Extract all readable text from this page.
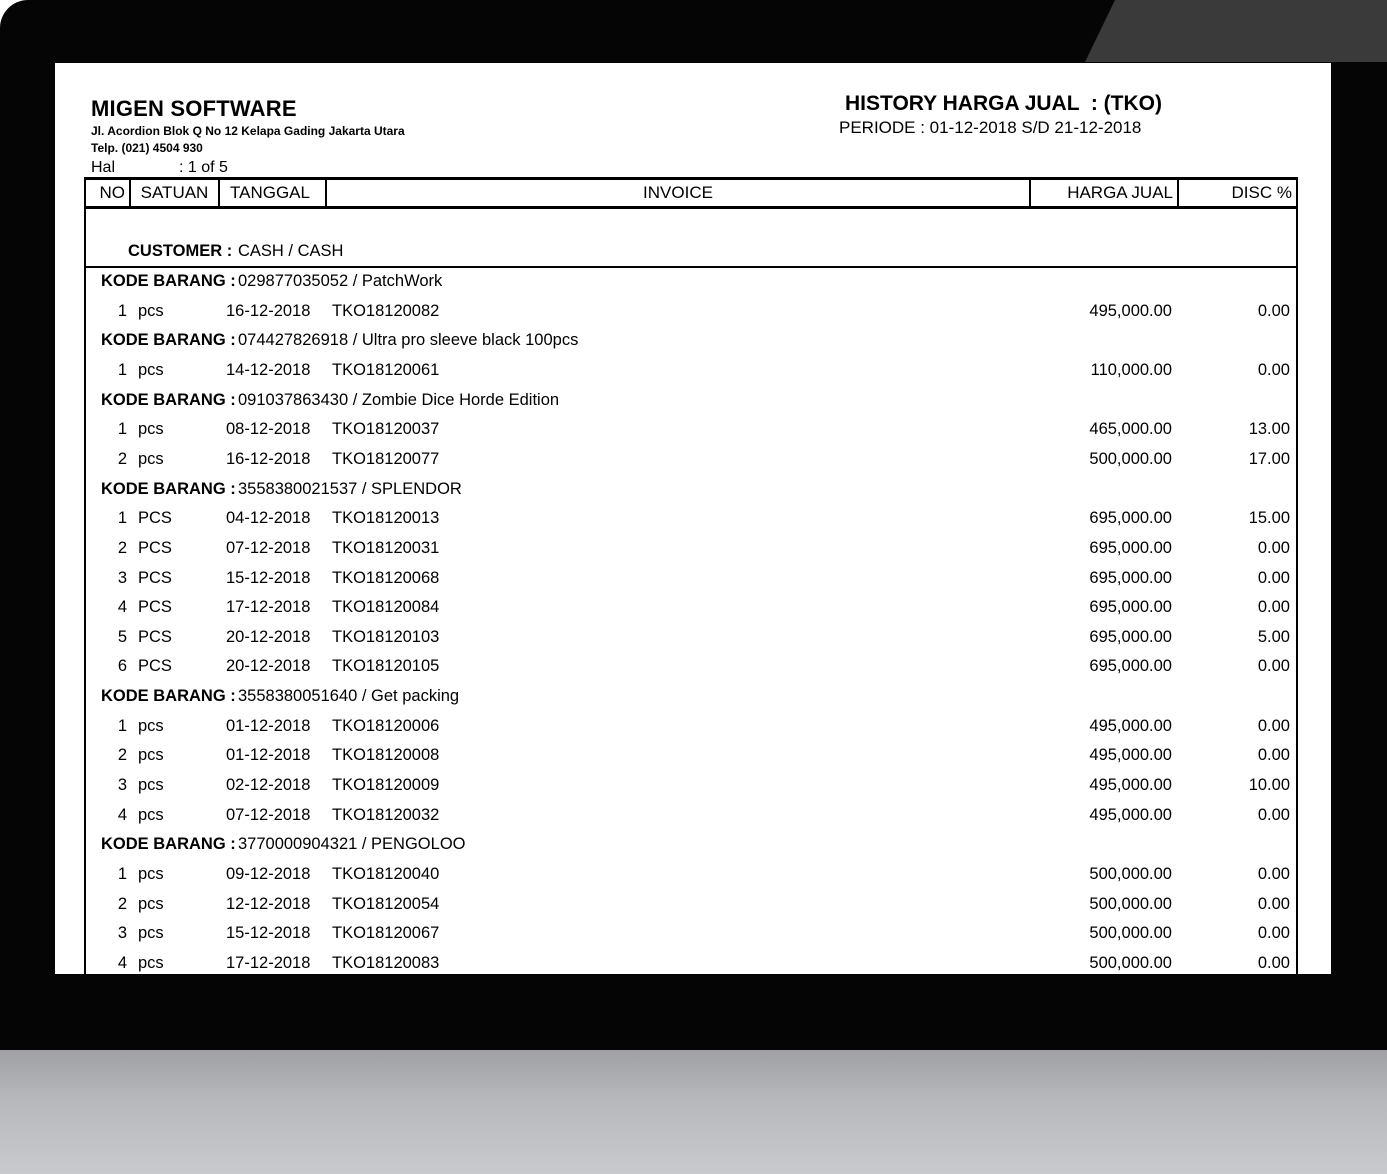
MIGEN SOFTWARE
Jl. Acordion Blok Q No 12 Kelapa Gading Jakarta Utara
Telp. (021) 4504 930
Hal	: 1 of 5
HISTORY HARGA JUAL  : (TKO)
PERIODE : 01-12-2018 S/D 21-12-2018
NO SATUAN	TANGGAL	INVOICE	HARGA JUAL	DISC %
CUSTOMER : CASH / CASH
KODE BARANG : 029877035052 / PatchWork
1 pcs	16-12-2018 TKO18120082	495,000.00	0.00
KODE BARANG : 074427826918 / Ultra pro sleeve black 100pcs
1 pcs	14-12-2018 TKO18120061	110,000.00	0.00
KODE BARANG : 091037863430 / Zombie Dice Horde Edition
1 pcs	08-12-2018 TKO18120037	465,000.00	13.00
2 pcs	16-12-2018 TKO18120077	500,000.00	17.00
KODE BARANG : 3558380021537 / SPLENDOR
1 PCS	04-12-2018 TKO18120013	695,000.00	15.00
2 PCS	07-12-2018 TKO18120031	695,000.00	0.00
3 PCS	15-12-2018 TKO18120068	695,000.00	0.00
4 PCS	17-12-2018 TKO18120084	695,000.00	0.00
5 PCS	20-12-2018 TKO18120103	695,000.00	5.00
6 PCS	20-12-2018 TKO18120105	695,000.00	0.00
KODE BARANG : 3558380051640 / Get packing
1 pcs	01-12-2018 TKO18120006	495,000.00	0.00
2 pcs	01-12-2018 TKO18120008	495,000.00	0.00
3 pcs	02-12-2018 TKO18120009	495,000.00	10.00
4 pcs	07-12-2018 TKO18120032	495,000.00	0.00
KODE BARANG : 3770000904321 / PENGOLOO
1 pcs	09-12-2018 TKO18120040	500,000.00	0.00
2 pcs	12-12-2018 TKO18120054	500,000.00	0.00
3 pcs	15-12-2018 TKO18120067	500,000.00	0.00
4 pcs	17-12-2018 TKO18120083	500,000.00	0.00
